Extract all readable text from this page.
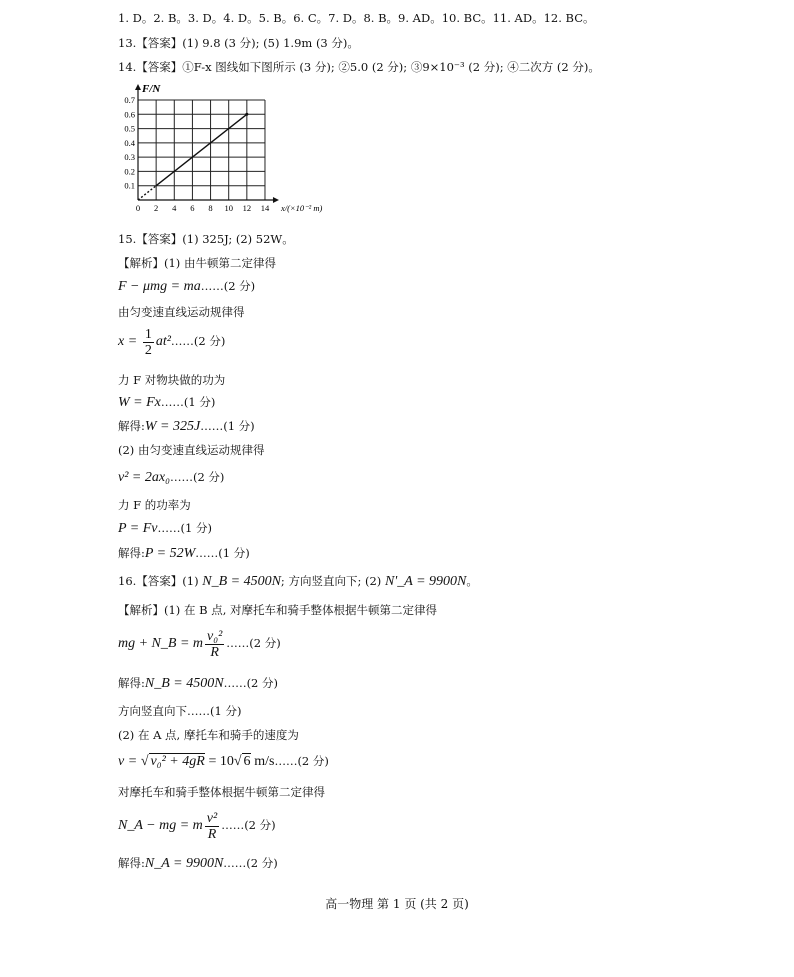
1. D。2. B。3. D。4. D。5. B。6. C。7. D。8. B。9. AD。10. BC。11. AD。12. BC。
13.【答案】(1) 9.8 (3 分); (5) 1.9m (3 分)。
14.【答案】①F-x 图线如下图所示 (3 分); ②5.0 (2 分); ③9×10⁻³ (2 分); ④二次方 (2 分)。
0 2 4 6 8 10 12 14
0.1
0.2
0.3
0.4
0.5
0.6
0.7
F/N
x/(×10⁻² m)
15.【答案】(1) 325J; (2) 52W。
【解析】(1) 由牛顿第二定律得
F − μmg = ma……(2 分)
由匀变速直线运动规律得
$x = \frac{1}{2}$ at²……(2 分)
力 F 对物块做的功为
W = Fx……(1 分)
解得:W = 325J……(1 分)
(2) 由匀变速直线运动规律得
v² = 2ax₀……(2 分)
力 F 的功率为
P = Fv……(1 分)
解得:P = 52W……(1 分)
16.【答案】(1) N_B = 4500N; 方向竖直向下; (2) N'_A = 9900N。
【解析】(1) 在 B 点, 对摩托车和骑手整体根据牛顿第二定律得
mg + N_B = m $\frac{\text{v₀²}}{R}$ ……(2 分)
解得:N_B = 4500N……(2 分)
方向竖直向下……(1 分)
(2) 在 A 点, 摩托车和骑手的速度为
v = √ v₀² + 4gR = 10√ 6 m/s……(2 分)
对摩托车和骑手整体根据牛顿第二定律得
N_A − mg = m $\frac{\text{v²}}{R}$ ……(2 分)
解得:N_A = 9900N……(2 分)
高一物理 第 1 页 (共 2 页)
